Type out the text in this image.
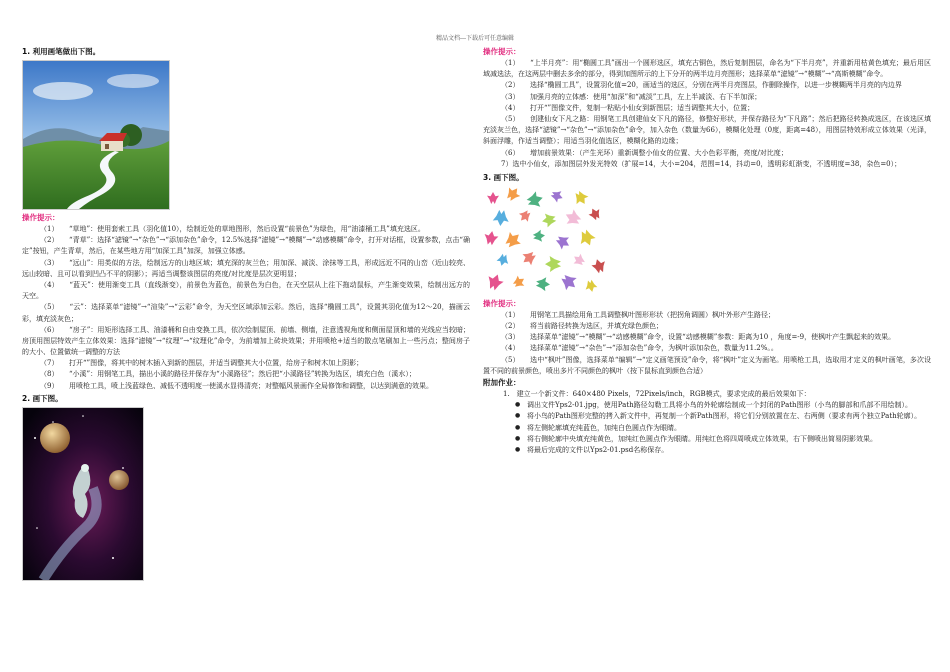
精品文档---下载后可任意编辑
1. 利用画笔做出下图。
操作提示：

（1）　　“草地”：使用套索工具（羽化值10），绘制近处的草地图形，然后设置“前景色”为绿色，用“油漆桶工具”填充选区。

（2）　　“青草”：选择“滤镜”→“杂色”→“添加杂色”命令，12.5%选择“滤镜”→“模糊”→“动感模糊”命令，打开对话框，设置参数，点击“确定”按钮，产生青草，然后，在某些地方用“加深工具”加深，加强立体感。

（3）　　“远山”：用类似的方法，绘制远方的山地区域；填充深的灰兰色；用加深、减淡、涂抹等工具，形成远近不同的山峦（近山较亮、远山较暗、且可以看到凹凸不平的阴影）；再适当调整该图层的亮度/对比度是层次更明显；

（4）　　“蓝天”：使用渐变工具（直线渐变），前景色为蓝色，前景色为白色，在天空层从上往下拖动鼠标，产生渐变效果，绘制出远方的天空。

（5）　　“云”：选择菜单“滤镜”→“渲染”→“云彩”命令，为天空区域添加云彩。然后，选择“椭圆工具”，设置其羽化值为12～20，描画云彩，填充淡灰色；

（6）　　“房子”：用矩形选择工具、油漆桶和自由变换工具，依次绘制屋顶、前墙、侧墙，注意透视角度和侧面屋顶和墙的光线应当较暗；房顶用图层特效产生立体效果：选择“滤镜”→“纹理”→“纹理化”命令，为前墙加上砖块效果；并用喷枪+适当的散点笔刷加上一些污点；整间房子的大小、位置做统一调整的方法

（7）　　打开“”图像，将其中的树木插入到新的图层，并适当调整其大小位置，给房子和树木加上阴影；

（8）　　“小溪”：用钢笔工具，描出小溪的路径并保存为“小溪路径”；然后把“小溪路径”转换为选区，填充白色（溪水）；

（9）　　用喷枪工具，喷上浅蓝绿色、减低不透明度一使溪水显得清亮；对整幅风景画作全局修饰和调整，以达到满意的效果。

2. 画下图。
操作提示：

（1）　　“上半月亮”：用“椭圆工具”画出一个圆形选区，填充古铜色，然后复制图层，命名为“下半月亮”，并重新用枯黄色填充；最后用区域减选法，在这两层中删去多余的部分，得到加图所示的上下分开的两半边月亮图形；选择菜单“滤镜”→“模糊”→“高斯模糊”命令。

（2）　　选择“椭圆工具”，设置羽化值=20，画适当的选区，分别在两半月亮图层，作删除操作，以进一步模糊两半月亮的内边界

（3）　　加强月亮的立体感：使用“加深”和“减淡”工具，左上半减淡、右下半加深；

（4）　　打开“”图像文件，复制一粘贴小仙女到新图层；适当调整其大小，位置；

（5）　　创建仙女下凡之路：用钢笔工具创建仙女下凡的路径，修整好形状，并保存路径为“下凡路”；然后把路径转换成选区，在该选区填充淡灰兰色，选择“滤镜”→“杂色”→“添加杂色”命令，加入杂色（数量为66），模糊化处理（0度，距离=48），用图层特效形成立体效果（光泽，斜面浮雕，作适当调整）；用适当羽化值选区，模糊化路的边缘；

（6）　　增加前景效果：（产生光环）重新调整小仙女的位置、大小色彩平衡，亮度/对比度；

7）选中小仙女，添加图层外发光特效（扩展=14，大小=204，范围=14，抖动=0，透明彩虹渐变，不透明度=38，杂色=0）；

3. 画下图。
操作提示：

（1）　　用钢笔工具描绘用角工具调整枫叶图形形状（把拐角调圆）枫叶外形产生路径；

（2）　　将当前路径转换为选区，并填充绿色颜色；

（3）　　选择菜单“滤镜”→“模糊”→“动感模糊”命令，设置“动感模糊”参数：距离为10 ，角度=-9，使枫叶产生飘起来的效果。

（4）　　选择菜单“滤镜”→“杂色”→“添加杂色”命令，为枫叶添加杂色，数量为11.2%。。

（5）　　选中“枫叶”图像，选择菜单“编辑”→“定义画笔预设”命令，将“枫叶”定义为画笔。用喷枪工具，选取用才定义的枫叶画笔，多次设置不同的前景颜色，喷出多片不同颜色的枫叶（按下鼠标直到颜色合适）

附加作业：

1.　建立一个新文件：640×480 Pixels，72Pixels/inch，RGB模式，要求完成的最后效果如下：

● 调出文件Yps2-01.jpg，使用Path路径勾勒工具将小鸟的外轮廓绘制成一个封闭的Path图形（小鸟的脚部和爪部不用绘制）。
● 将小鸟的Path图形完整的拷入新文件中，再复制一个新Path图形，将它们分别放置在左、右两侧（要求有两个独立Path轮廓）。
● 将左侧轮廓填充纯蓝色，加纯白色圆点作为眼睛。
● 将右侧轮廓中央填充纯黄色，加纯红色圆点作为眼睛。用纯红色将四周喷成立体效果，右下侧喷出简易阴影效果。
● 将最后完成的文件以Yps2-01.psd名称保存。
